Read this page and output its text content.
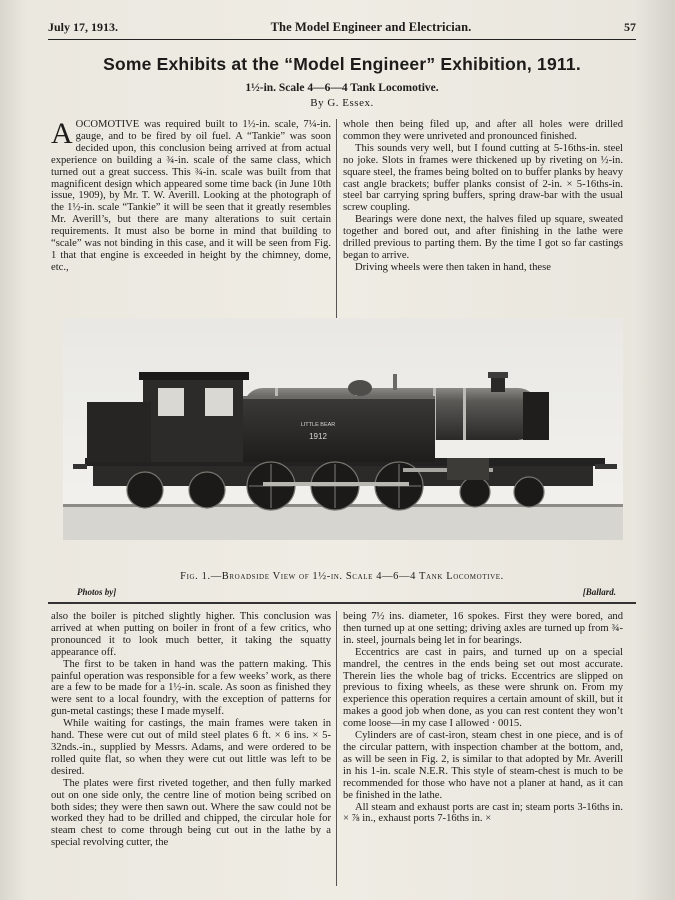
July 17, 1913.	The Model Engineer and Electrician.	57
Some Exhibits at the “Model Engineer” Exhibition, 1911.
1½-in. Scale 4—6—4 Tank Locomotive.
By G. Essex.

AOCOMOTIVE was required built to 1½-in. scale, 7¼-in. gauge, and to be fired by oil fuel. A “Tankie” was soon decided upon, this conclusion being arrived at from actual experience on building a ¾-in. scale of the same class, which turned out a great success. This ¾-in. scale was built from that magnificent design which appeared some time back (in June 10th issue, 1909), by Mr. T. W. Averill. Looking at the photograph of the 1½-in. scale “Tankie” it will be seen that it greatly resembles Mr. Averill’s, but there are many alterations to suit certain requirements. It must also be borne in mind that building to “scale” was not binding in this case, and it will be seen from Fig. 1 that that engine is exceeded in height by the chimney, dome, etc.,

whole then being filed up, and after all holes were drilled common they were unriveted and pronounced finished.

This sounds very well, but I found cutting at 5-16ths-in. steel no joke. Slots in frames were thickened up by riveting on ½-in. square steel, the frames being bolted on to buffer planks by heavy cast angle brackets; buffer planks consist of 2-in. × 5-16ths-in. steel bar carrying spring buffers, spring draw-bar with the usual screw coupling.

Bearings were done next, the halves filed up square, sweated together and bored out, and after finishing in the lathe were drilled previous to parting them. By the time I got so far castings began to arrive.

Driving wheels were then taken in hand, these

LITTLE BEAR
1912
Fig. 1.—Broadside View of 1½-in. Scale 4—6—4 Tank Locomotive.
Photos by]	[Ballard.

also the boiler is pitched slightly higher. This conclusion was arrived at when putting on boiler in front of a few critics, who pronounced it to look much better, it taking the squatty appearance off.

The first to be taken in hand was the pattern making. This painful operation was responsible for a few weeks’ work, as there are a few to be made for a 1½-in. scale. As soon as finished they were sent to a local foundry, with the exception of patterns for gun-metal castings; these I made myself.

While waiting for castings, the main frames were taken in hand. These were cut out of mild steel plates 6 ft. × 6 ins. × 5-32nds.-in., supplied by Messrs. Adams, and were ordered to be rolled quite flat, so when they were cut out little was left to be desired.

The plates were first riveted together, and then fully marked out on one side only, the centre line of motion being scribed on both sides; they were then sawn out. Where the saw could not be worked they had to be drilled and chipped, the circular hole for steam chest to come through being cut out in the lathe by a special revolving cutter, the

being 7½ ins. diameter, 16 spokes. First they were bored, and then turned up at one setting; driving axles are turned up from ¾-in. steel, journals being let in for bearings.

Eccentrics are cast in pairs, and turned up on a special mandrel, the centres in the ends being set out most accurate. Therein lies the whole bag of tricks. Eccentrics are slipped on previous to fixing wheels, as these were shrunk on. From my experience this operation requires a certain amount of skill, but it makes a good job when done, as you can rest content they won’t come loose—in my case I allowed · 0015.

Cylinders are of cast-iron, steam chest in one piece, and is of the circular pattern, with inspection chamber at the bottom, and, as will be seen in Fig. 2, is similar to that adopted by Mr. Averill in his 1-in. scale N.E.R. This style of steam-chest is much to be recommended for those who have not a planer at hand, as it can be finished in the lathe.

All steam and exhaust ports are cast in; steam ports 3-16ths in. × ⅞ in., exhaust ports 7-16ths in. ×
